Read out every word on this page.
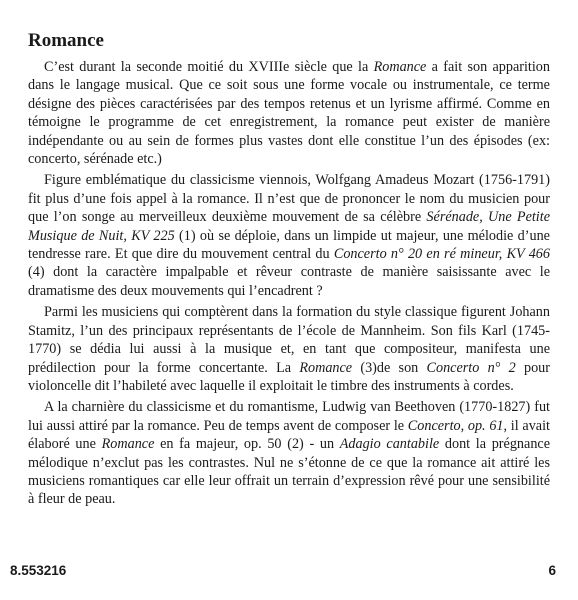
Romance

C’est durant la seconde moitié du XVIIIe siècle que la Romance a fait son apparition dans le langage musical. Que ce soit sous une forme vocale ou instrumentale, ce terme désigne des pièces caractérisées par des tempos retenus et un lyrisme affirmé. Comme en témoigne le programme de cet enregistrement, la romance peut exister de manière indépendante ou au sein de formes plus vastes dont elle constitue l’un des épisodes (ex: concerto, sérénade etc.)

Figure emblématique du classicisme viennois, Wolfgang Amadeus Mozart (1756-1791) fit plus d’une fois appel à la romance. Il n’est que de prononcer le nom du musicien pour que l’on songe au merveilleux deuxième mouvement de sa célèbre Sérénade, Une Petite Musique de Nuit, KV 225 (1) où se déploie, dans un limpide ut majeur, une mélodie d’une tendresse rare. Et que dire du mouvement central du Concerto n° 20 en ré mineur, KV 466 (4) dont la caractère impalpable et rêveur contraste de manière saisissante avec le dramatisme des deux mouvements qui l’encadrent ?

Parmi les musiciens qui comptèrent dans la formation du style classique figurent Johann Stamitz, l’un des principaux représentants de l’école de Mannheim. Son fils Karl (1745-1770) se dédia lui aussi à la musique et, en tant que compositeur, manifesta une prédilection pour la forme concertante. La Romance (3)de son Concerto n° 2 pour violoncelle dit l’habileté avec laquelle il exploitait le timbre des instruments à cordes.

A la charnière du classicisme et du romantisme, Ludwig van Beethoven (1770-1827) fut lui aussi attiré par la romance. Peu de temps avent de composer le Concerto, op. 61, il avait élaboré une Romance en fa majeur, op. 50 (2) - un Adagio cantabile dont la prégnance mélodique n’exclut pas les contrastes. Nul ne s’étonne de ce que la romance ait attiré les musiciens romantiques car elle leur offrait un terrain d’expression rêvé pour une sensibilité à fleur de peau.

8.553216	6
